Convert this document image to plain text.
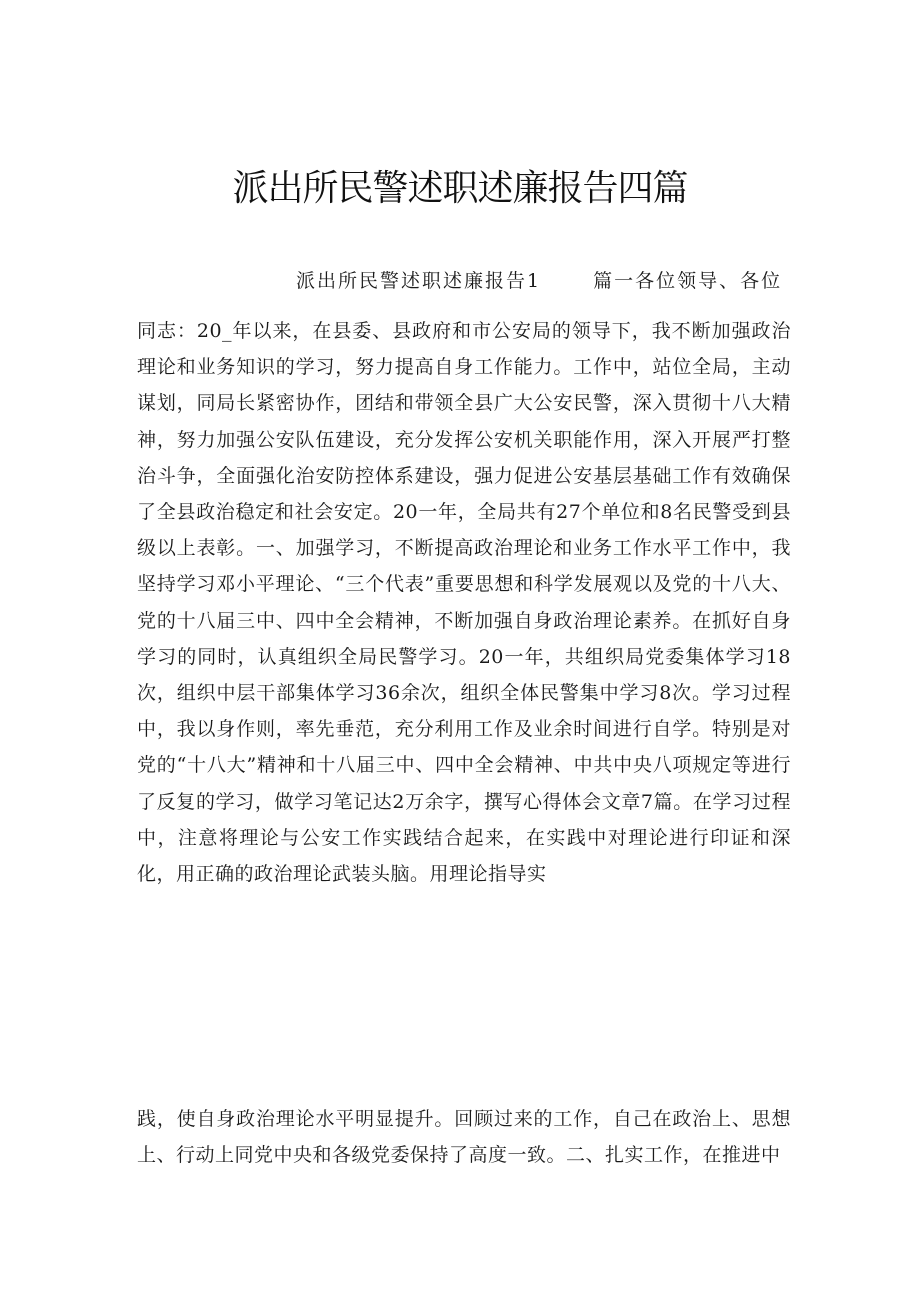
派出所民警述职述廉报告四篇

派出所民警述职述廉报告1	篇一各位领导、各位

同志：20_年以来，在县委、县政府和市公安局的领导下，我不断加强政治理论和业务知识的学习，努力提高自身工作能力。工作中，站位全局，主动谋划，同局长紧密协作，团结和带领全县广大公安民警，深入贯彻十八大精神，努力加强公安队伍建设，充分发挥公安机关职能作用，深入开展严打整治斗争，全面强化治安防控体系建设，强力促进公安基层基础工作有效确保了全县政治稳定和社会安定。20一年，全局共有27个单位和8名民警受到县级以上表彰。一、加强学习，不断提高政治理论和业务工作水平工作中，我坚持学习邓小平理论、“三个代表”重要思想和科学发展观以及党的十八大、党的十八届三中、四中全会精神，不断加强自身政治理论素养。在抓好自身学习的同时，认真组织全局民警学习。20一年，共组织局党委集体学习18次，组织中层干部集体学习36余次，组织全体民警集中学习8次。学习过程中，我以身作则，率先垂范，充分利用工作及业余时间进行自学。特别是对党的“十八大”精神和十八届三中、四中全会精神、中共中央八项规定等进行了反复的学习，做学习笔记达2万余字，撰写心得体会文章7篇。在学习过程中，注意将理论与公安工作实践结合起来，在实践中对理论进行印证和深化，用正确的政治理论武装头脑。用理论指导实

践，使自身政治理论水平明显提升。回顾过来的工作，自己在政治上、思想上、行动上同党中央和各级党委保持了高度一致。二、扎实工作，在推进中
